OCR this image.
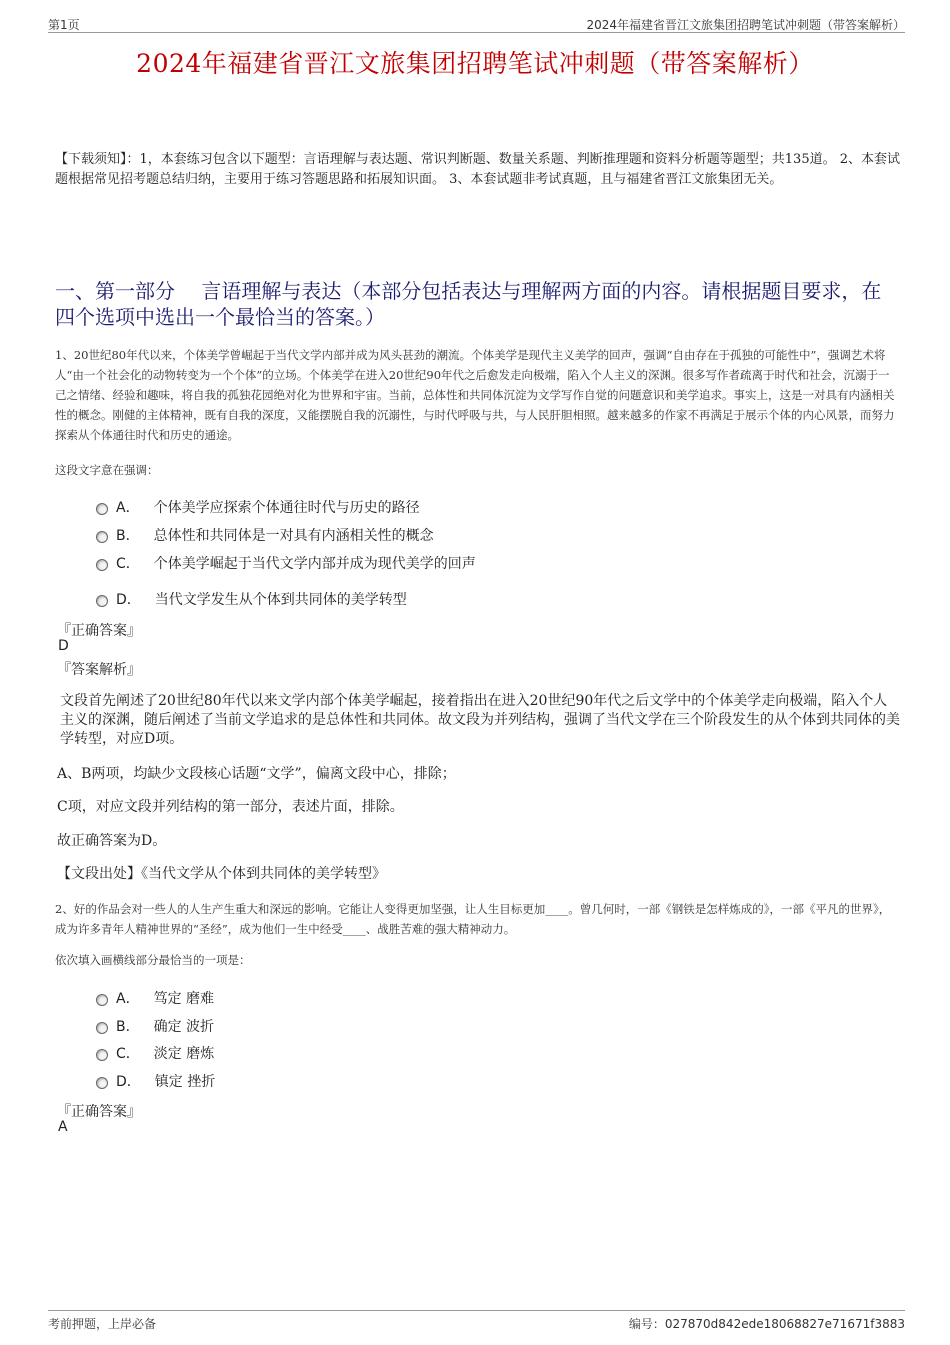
第1页	2024年福建省晋江文旅集团招聘笔试冲刺题（带答案解析）
2024年福建省晋江文旅集团招聘笔试冲刺题（带答案解析）
【下载须知】：1，本套练习包含以下题型：言语理解与表达题、常识判断题、数量关系题、判断推理题和资料分析题等题型；共135道。 2、本套试题根据常见招考题总结归纳，主要用于练习答题思路和拓展知识面。 3、本套试题非考试真题，且与福建省晋江文旅集团无关。
一、第一部分　 言语理解与表达（本部分包括表达与理解两方面的内容。请根据题目要求，在四个选项中选出一个最恰当的答案。）
1、20世纪80年代以来，个体美学曾崛起于当代文学内部并成为风头甚劲的潮流。个体美学是现代主义美学的回声，强调“自由存在于孤独的可能性中”，强调艺术将人“由一个社会化的动物转变为一个个体”的立场。个体美学在进入20世纪90年代之后愈发走向极端，陷入个人主义的深渊。很多写作者疏离于时代和社会，沉溺于一己之情绪、经验和趣味，将自我的孤独花园绝对化为世界和宇宙。当前，总体性和共同体沉淀为文学写作自觉的问题意识和美学追求。事实上，这是一对具有内涵相关性的概念。刚健的主体精神，既有自我的深度，又能摆脱自我的沉溺性，与时代呼吸与共，与人民肝胆相照。越来越多的作家不再满足于展示个体的内心风景，而努力探索从个体通往时代和历史的通途。
这段文字意在强调：
A． 个体美学应探索个体通往时代与历史的路径
B． 总体性和共同体是一对具有内涵相关性的概念
C． 个体美学崛起于当代文学内部并成为现代美学的回声
D． 当代文学发生从个体到共同体的美学转型
『正确答案』
D
『答案解析』
文段首先阐述了20世纪80年代以来文学内部个体美学崛起，接着指出在进入20世纪90年代之后文学中的个体美学走向极端，陷入个人主义的深渊，随后阐述了当前文学追求的是总体性和共同体。故文段为并列结构，强调了当代文学在三个阶段发生的从个体到共同体的美学转型，对应D项。
A、B两项，均缺少文段核心话题“文学”，偏离文段中心，排除；
C项，对应文段并列结构的第一部分，表述片面，排除。
故正确答案为D。
【文段出处】《当代文学从个体到共同体的美学转型》
2、好的作品会对一些人的人生产生重大和深远的影响。它能让人变得更加坚强，让人生目标更加____。曾几何时，一部《钢铁是怎样炼成的》，一部《平凡的世界》，成为许多青年人精神世界的“圣经”，成为他们一生中经受____、战胜苦难的强大精神动力。
依次填入画横线部分最恰当的一项是：
A． 笃定 磨难
B． 确定 波折
C． 淡定 磨炼
D． 镇定 挫折
『正确答案』
A
考前押题，上岸必备	编号：027870d842ede18068827e71671f3883
